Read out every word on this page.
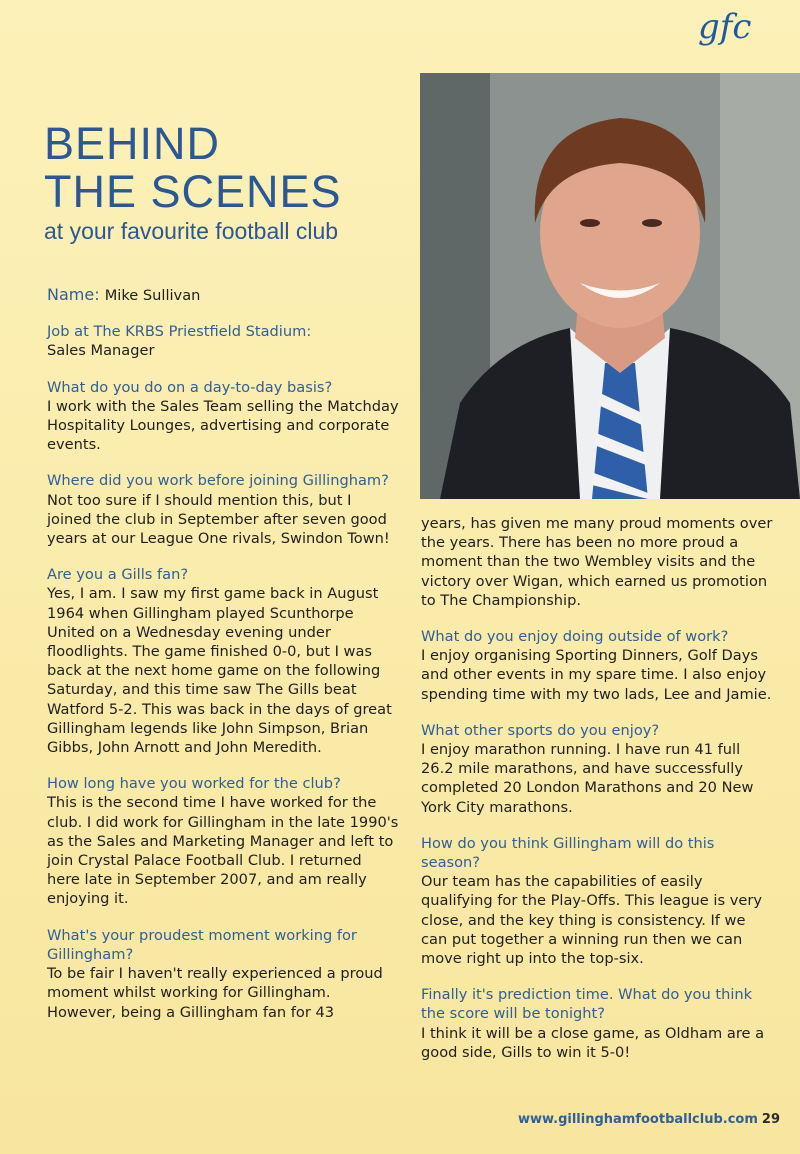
gfc
BEHIND
THE SCENES
at your favourite football club
Name: Mike Sullivan
Job at The KRBS Priestfield Stadium:
Sales Manager
What do you do on a day-to-day basis?
I work with the Sales Team selling the Matchday Hospitality Lounges, advertising and corporate events.
Where did you work before joining Gillingham?
Not too sure if I should mention this, but I joined the club in September after seven good years at our League One rivals, Swindon Town!
Are you a Gills fan?
Yes, I am. I saw my first game back in August 1964 when Gillingham played Scunthorpe United on a Wednesday evening under floodlights. The game finished 0-0, but I was back at the next home game on the following Saturday, and this time saw The Gills beat Watford 5-2. This was back in the days of great Gillingham legends like John Simpson, Brian Gibbs, John Arnott and John Meredith.
How long have you worked for the club?
This is the second time I have worked for the club. I did work for Gillingham in the late 1990's as the Sales and Marketing Manager and left to join Crystal Palace Football Club. I returned here late in September 2007, and am really enjoying it.
What's your proudest moment working for Gillingham?
To be fair I haven't really experienced a proud moment whilst working for Gillingham. However, being a Gillingham fan for 43
years, has given me many proud moments over the years. There has been no more proud a moment than the two Wembley visits and the victory over Wigan, which earned us promotion to The Championship.
What do you enjoy doing outside of work?
I enjoy organising Sporting Dinners, Golf Days and other events in my spare time. I also enjoy spending time with my two lads, Lee and Jamie.
What other sports do you enjoy?
I enjoy marathon running. I have run 41 full 26.2 mile marathons, and have successfully completed 20 London Marathons and 20 New York City marathons.
How do you think Gillingham will do this season?
Our team has the capabilities of easily qualifying for the Play-Offs. This league is very close, and the key thing is consistency. If we can put together a winning run then we can move right up into the top-six.
Finally it's prediction time. What do you think the score will be tonight?
I think it will be a close game, as Oldham are a good side, Gills to win it 5-0!
www.gillinghamfootballclub.com 29
